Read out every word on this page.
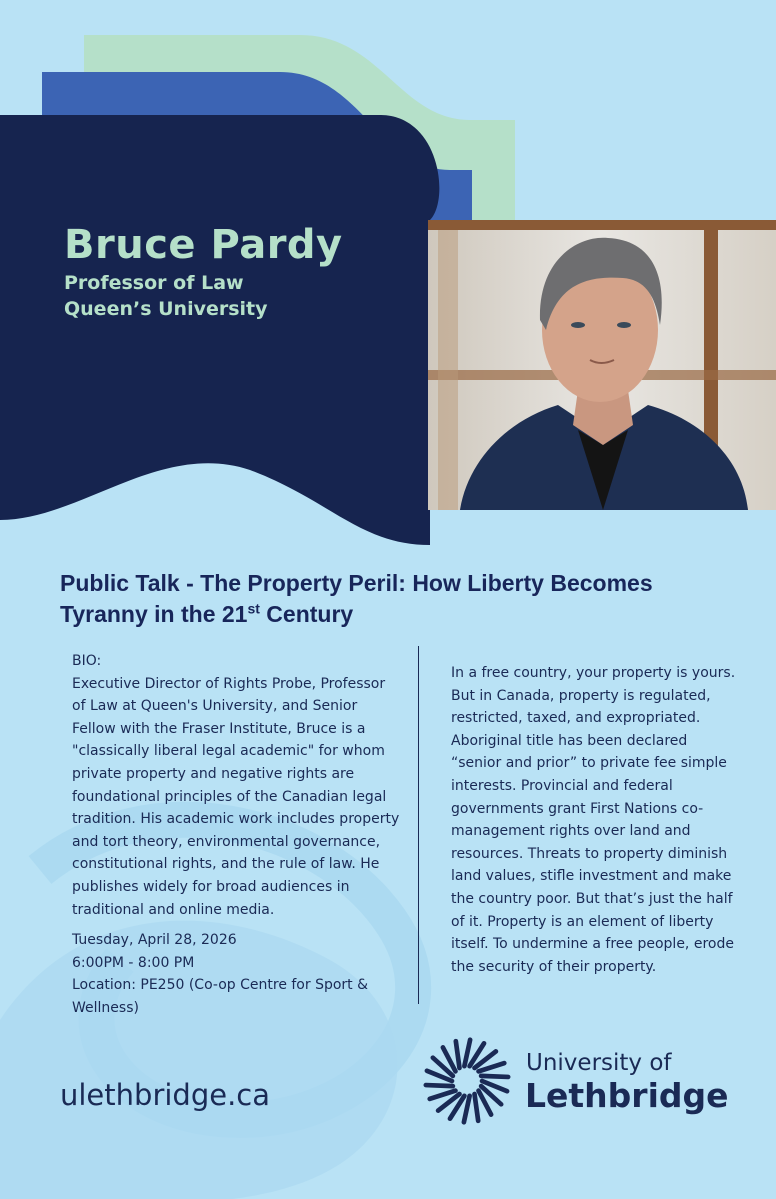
Bruce Pardy
Professor of Law
Queen’s University
Public Talk - The Property Peril: How Liberty Becomes Tyranny in the 21st Century
BIO:
Executive Director of Rights Probe, Professor of Law at Queen's University, and Senior Fellow with the Fraser Institute, Bruce is a "classically liberal legal academic" for whom private property and negative rights are foundational principles of the Canadian legal tradition. His academic work includes property and tort theory, environmental governance, constitutional rights, and the rule of law. He publishes widely for broad audiences in traditional and online media.
Tuesday, April 28, 2026
6:00PM - 8:00 PM
Location: PE250 (Co-op Centre for Sport & Wellness)
In a free country, your property is yours. But in Canada, property is regulated, restricted, taxed, and expropriated. Aboriginal title has been declared “senior and prior” to private fee simple interests. Provincial and federal governments grant First Nations co-management rights over land and resources. Threats to property diminish land values, stifle investment and make the country poor. But that’s just the half of it. Property is an element of liberty itself. To undermine a free people, erode the security of their property.
ulethbridge.ca
University of
Lethbridge
